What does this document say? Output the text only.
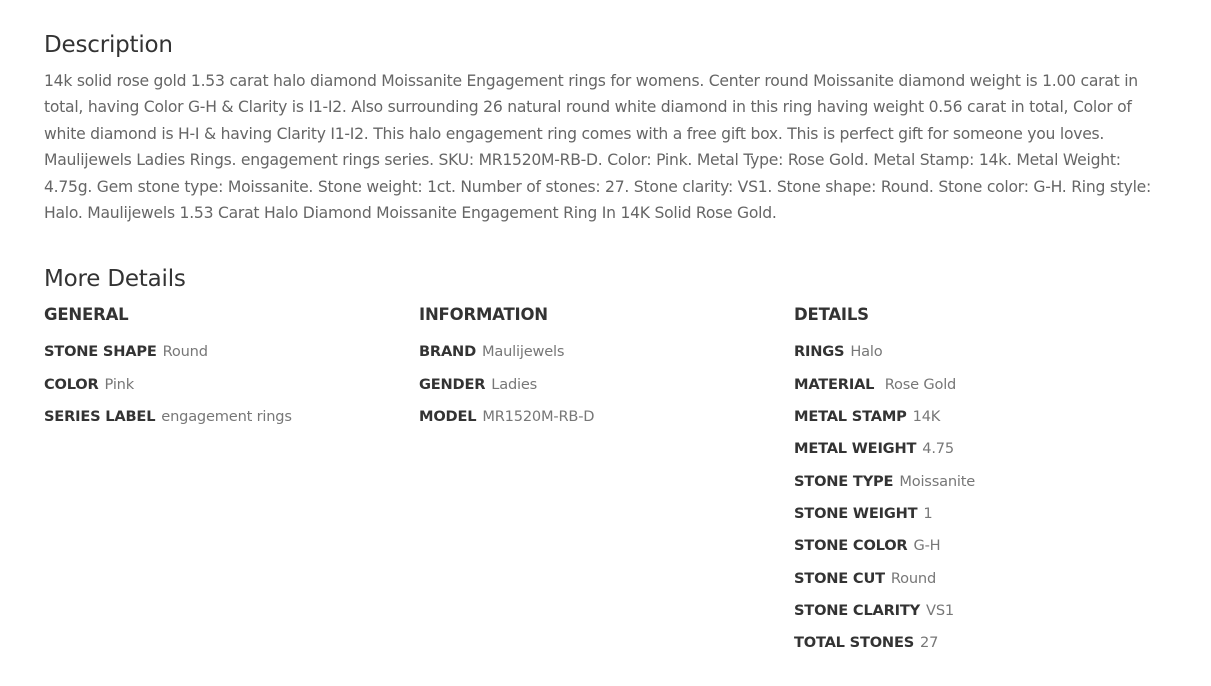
Description

14k solid rose gold 1.53 carat halo diamond Moissanite Engagement rings for womens. Center round Moissanite diamond weight is 1.00 carat in total, having Color G-H & Clarity is I1-I2. Also surrounding 26 natural round white diamond in this ring having weight 0.56 carat in total, Color of white diamond is H-I & having Clarity I1-I2. This halo engagement ring comes with a free gift box. This is perfect gift for someone you loves. Maulijewels Ladies Rings. engagement rings series. SKU: MR1520M-RB-D. Color: Pink. Metal Type: Rose Gold. Metal Stamp: 14k. Metal Weight: 4.75g. Gem stone type: Moissanite. Stone weight: 1ct. Number of stones: 27. Stone clarity: VS1. Stone shape: Round. Stone color: G-H. Ring style: Halo. Maulijewels 1.53 Carat Halo Diamond Moissanite Engagement Ring In 14K Solid Rose Gold.

More Details
GENERAL
STONE SHAPE Round
COLOR Pink
SERIES LABEL engagement rings
INFORMATION
BRAND Maulijewels
GENDER Ladies
MODEL MR1520M-RB-D
DETAILS
RINGS Halo
MATERIAL Rose Gold
METAL STAMP 14K
METAL WEIGHT 4.75
STONE TYPE Moissanite
STONE WEIGHT 1
STONE COLOR G-H
STONE CUT Round
STONE CLARITY VS1
TOTAL STONES 27
